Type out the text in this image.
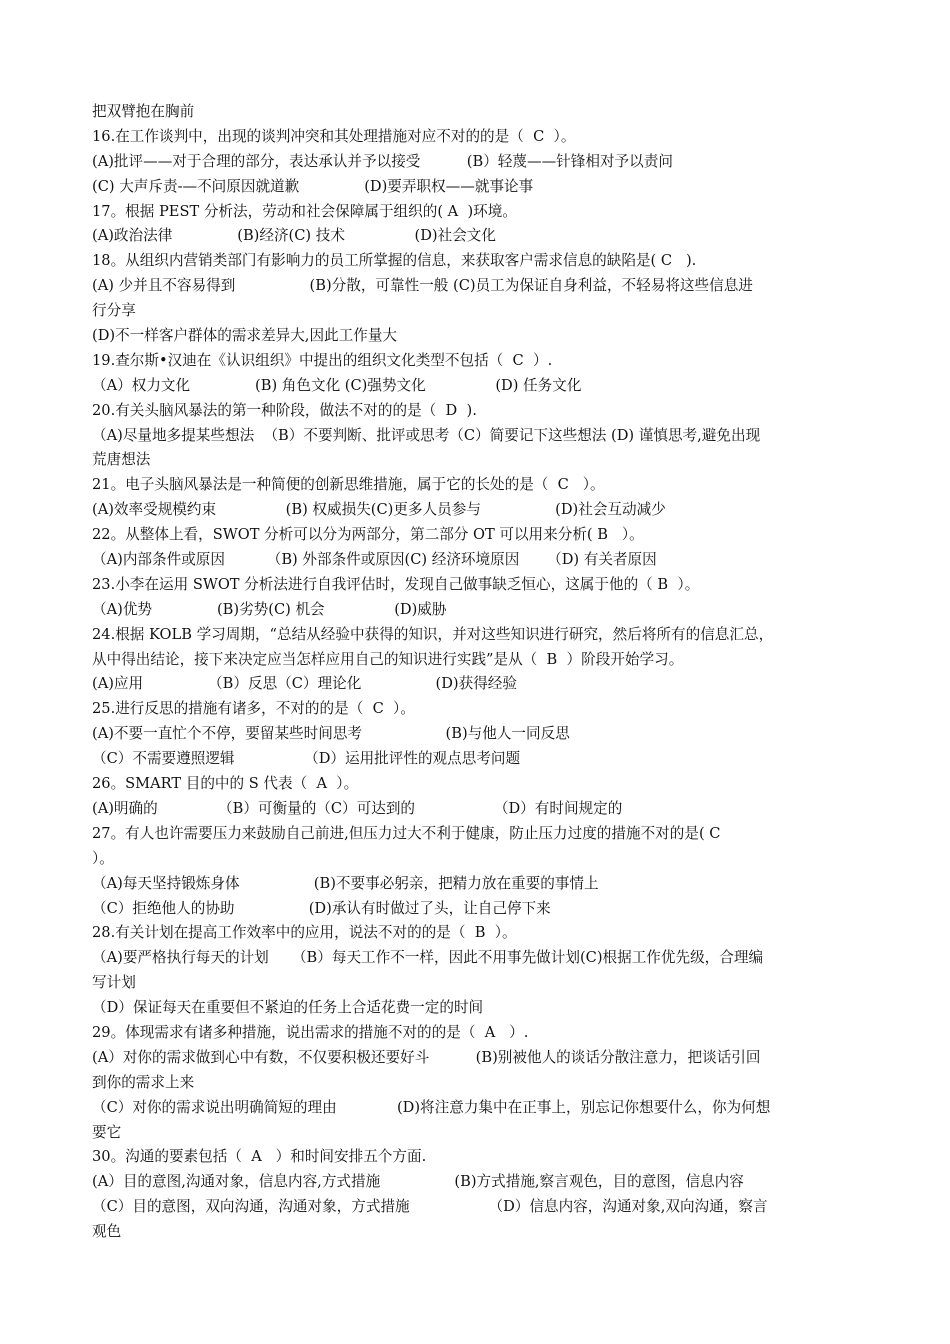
把双臂抱在胸前
16.在工作谈判中，出现的谈判冲突和其处理措施对应不对的的是（  C  ）。
(A)批评——对于合理的部分，表达承认并予以接受          (B）轻蔑——针锋相对予以责问
(C) 大声斥责-—不问原因就道歉              (D)要弄职权——就事论事
17。根据 PEST 分析法，劳动和社会保障属于组织的( A  )环境。
(A)政治法律              (B)经济(C) 技术               (D)社会文化
18。从组织内营销类部门有影响力的员工所掌握的信息，来获取客户需求信息的缺陷是( C   ).
(A) 少并且不容易得到                (B)分散，可靠性一般 (C)员工为保证自身利益，不轻易将这些信息进
行分享
(D)不一样客户群体的需求差异大,因此工作量大
19.查尔斯•汉迪在《认识组织》中提出的组织文化类型不包括（  C  ）.
（A）权力文化              (B) 角色文化 (C)强势文化               (D) 任务文化
20.有关头脑风暴法的第一种阶段，做法不对的的是（  D  ).
（A)尽量地多提某些想法  （B）不要判断、批评或思考（C）简要记下这些想法 (D) 谨慎思考,避免出现
荒唐想法
21。电子头脑风暴法是一种简便的创新思维措施，属于它的长处的是（  C   ）。
(A)效率受规模约束               (B) 权威损失(C)更多人员参与                (D)社会互动减少
22。从整体上看，SWOT 分析可以分为两部分，第二部分 OT 可以用来分析( B   ）。
（A)内部条件或原因         （B) 外部条件或原因(C) 经济环境原因      （D) 有关者原因
23.小李在运用 SWOT 分析法进行自我评估时，发现自己做事缺乏恒心，这属于他的（ B  ）。
（A)优势              (B)劣势(C) 机会               (D)威胁
24.根据 KOLB 学习周期，“总结从经验中获得的知识，并对这些知识进行研究，然后将所有的信息汇总，
从中得出结论，接下来决定应当怎样应用自己的知识进行实践”是从（  B  ）阶段开始学习。
(A)应用              （B）反思（C）理论化                (D)获得经验
25.进行反思的措施有诸多，不对的的是（  C  ）。
(A)不要一直忙个不停，要留某些时间思考                  (B)与他人一同反思
（C）不需要遵照逻辑               （D）运用批评性的观点思考问题
26。SMART 目的中的 S 代表（  A  ）。
(A)明确的             （B）可衡量的（C）可达到的                 （D）有时间规定的
27。有人也许需要压力来鼓励自己前进,但压力过大不利于健康，防止压力过度的措施不对的是( C
）。
（A)每天坚持锻炼身体                (B)不要事必躬亲，把精力放在重要的事情上
（C）拒绝他人的协助                (D)承认有时做过了头，让自己停下来
28.有关计划在提高工作效率中的应用，说法不对的的是（  B  ）。
（A)要严格执行每天的计划     （B）每天工作不一样，因此不用事先做计划(C)根据工作优先级，合理编
写计划
（D）保证每天在重要但不紧迫的任务上合适花费一定的时间
29。体现需求有诸多种措施，说出需求的措施不对的的是（  A   ）.
(A）对你的需求做到心中有数，不仅要积极还要好斗          (B)别被他人的谈话分散注意力，把谈话引回
到你的需求上来
（C）对你的需求说出明确简短的理由             (D)将注意力集中在正事上，别忘记你想要什么，你为何想
要它
30。沟通的要素包括（  A   ）和时间安排五个方面.
(A）目的意图,沟通对象，信息内容,方式措施                (B)方式措施,察言观色，目的意图，信息内容
（C）目的意图，双向沟通，沟通对象，方式措施                 （D）信息内容，沟通对象,双向沟通，察言
观色
